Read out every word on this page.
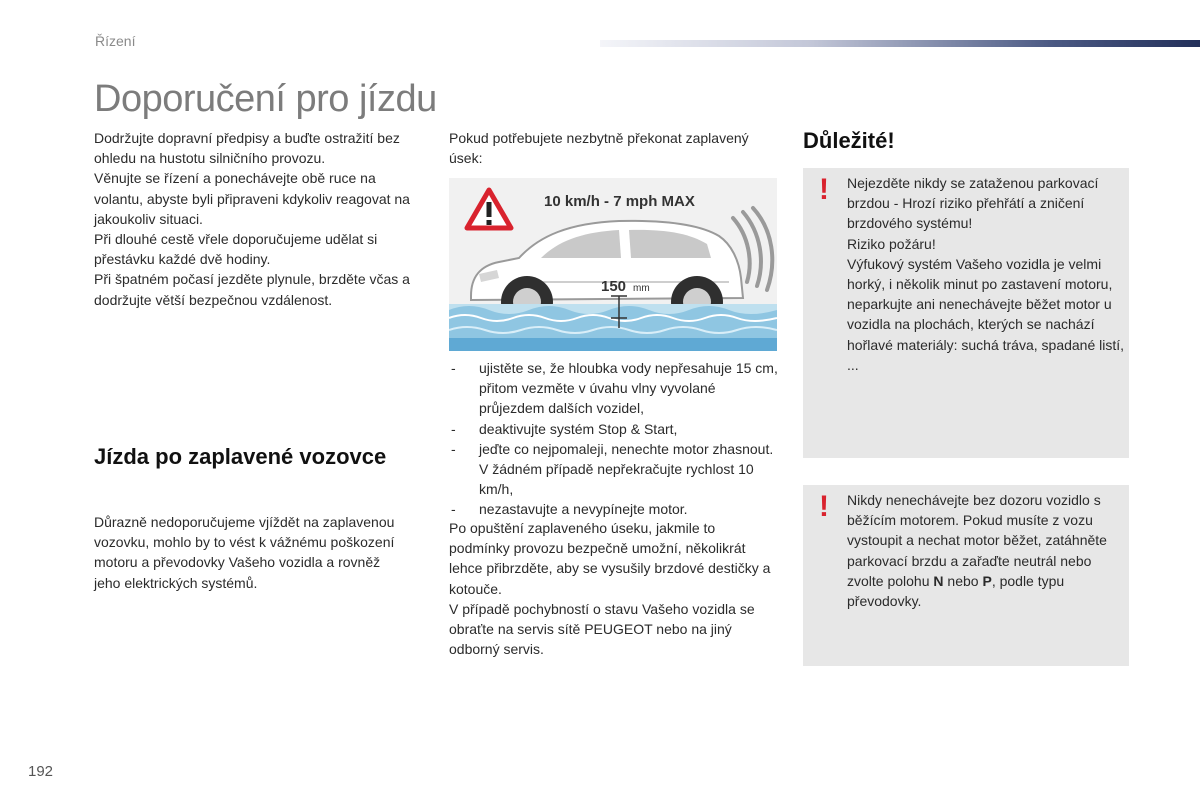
Řízení
Doporučení pro jízdu

Dodržujte dopravní předpisy a buďte ostražití bez ohledu na hustotu silničního provozu.

Věnujte se řízení a ponechávejte obě ruce na volantu, abyste byli připraveni kdykoliv reagovat na jakoukoliv situaci.

Při dlouhé cestě vřele doporučujeme udělat si přestávku každé dvě hodiny.

Při špatném počasí jezděte plynule, brzděte včas a dodržujte větší bezpečnou vzdálenost.

Jízda po zaplavené vozovce

Důrazně nedoporučujeme vjíždět na zaplavenou vozovku, mohlo by to vést k vážnému poškození motoru a převodovky Vašeho vozidla a rovněž jeho elektrických systémů.

Pokud potřebujete nezbytně překonat zaplavený úsek:

10 km/h - 7 mph MAX
150 mm
- ujistěte se, že hloubka vody nepřesahuje 15 cm, přitom vezměte v úvahu vlny vyvolané průjezdem dalších vozidel,
- deaktivujte systém Stop & Start,
- jeďte co nejpomaleji, nenechte motor zhasnout. V žádném případě nepřekračujte rychlost 10 km/h,
- nezastavujte a nevypínejte motor.

Po opuštění zaplaveného úseku, jakmile to podmínky provozu bezpečně umožní, několikrát lehce přibrzděte, aby se vysušily brzdové destičky a kotouče.

V případě pochybností o stavu Vašeho vozidla se obraťte na servis sítě PEUGEOT nebo na jiný odborný servis.

Důležité!
! Nejezděte nikdy se zataženou parkovací brzdou - Hrozí riziko přehřátí a zničení brzdového systému!

Riziko požáru!

Výfukový systém Vašeho vozidla je velmi horký, i několik minut po zastavení motoru, neparkujte ani nenechávejte běžet motor u vozidla na plochách, kterých se nachází hořlavé materiály: suchá tráva, spadané listí, ...

! Nikdy nenechávejte bez dozoru vozidlo s běžícím motorem. Pokud musíte z vozu vystoupit a nechat motor běžet, zatáhněte parkovací brzdu a zařaďte neutrál nebo zvolte polohu N nebo P, podle typu převodovky.

192
